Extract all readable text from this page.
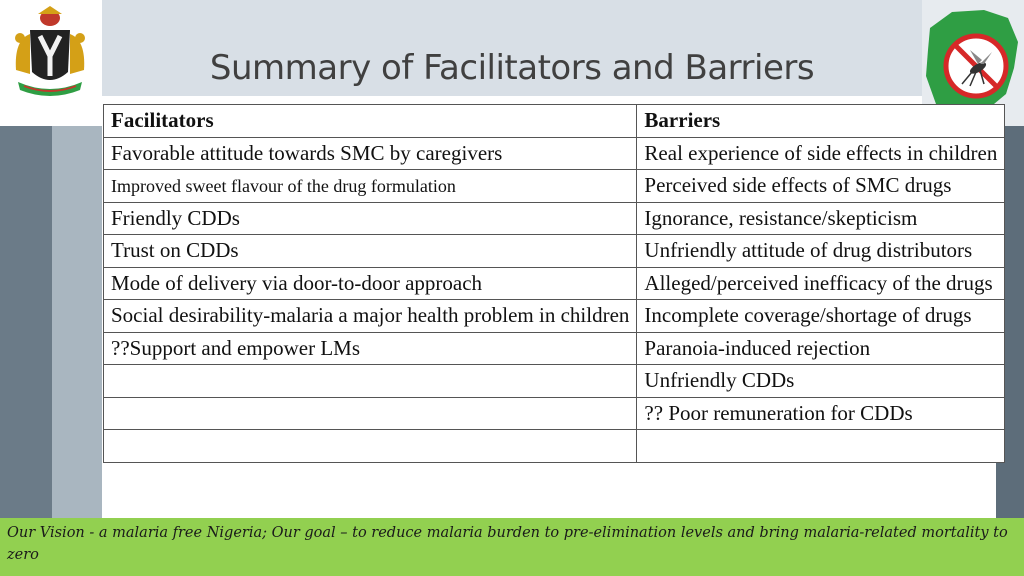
Summary of Facilitators and Barriers
Facilitators	Barriers
Favorable attitude towards SMC by caregivers	Real experience of side effects in children
Improved sweet flavour of the drug formulation	Perceived side effects of SMC drugs
Friendly CDDs	Ignorance, resistance/skepticism
Trust on CDDs	Unfriendly attitude of drug distributors
Mode of delivery via door-to-door approach	Alleged/perceived inefficacy of the drugs
Social desirability-malaria a major health problem in children	Incomplete coverage/shortage of drugs
??Support and empower LMs	Paranoia-induced rejection
	Unfriendly CDDs
	?? Poor remuneration for CDDs

Our Vision - a malaria free Nigeria; Our goal – to reduce malaria burden to pre-elimination levels and bring malaria-related mortality to zero
